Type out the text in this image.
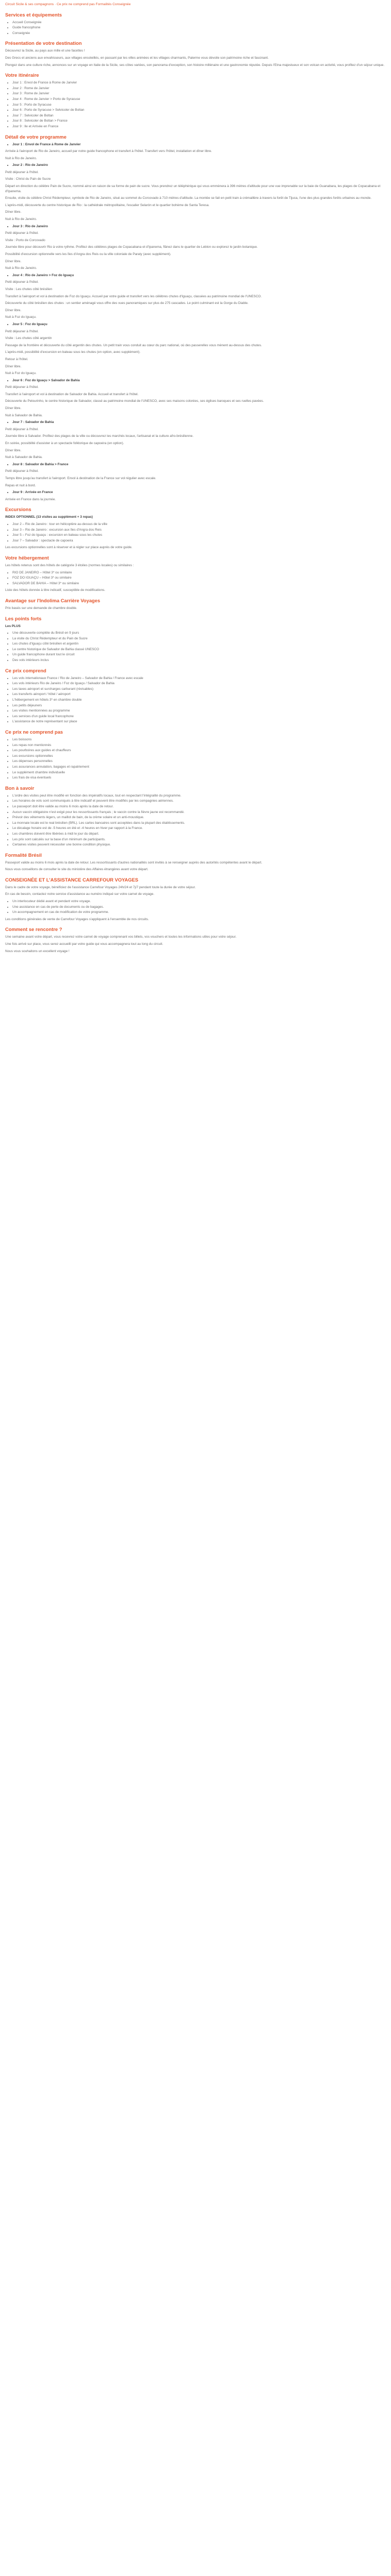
Circuit Sicile & ses compagnons · Ce prix ne comprend pas Formalités Conseignée

Services et équipements
• Accueil Conseignée
• Guide francophone
• Conseignée
Présentation de votre destination

Découvrez la Sicile, au pays aux mille et une facettes !

Des Grecs et anciens aux envahisseurs, aux villages ensoleillés, en passant par les villes animées et les villages charmants, Palerme vous dévoile son patrimoine riche et fascinant.

Plongez dans une culture riche, annonces sur un voyage en Italie de la Sicile, ses côtes variées, son panorama d'exception, son histoire millénaire et une gastronomie réputée. Depuis l'Etna majestueux et son volcan en activité, vous profitez d'un séjour unique.

Votre itinéraire
• Jour 1 : Envol de France à Rome de Janvier
• Jour 2 : Rome de Janvier
• Jour 3 : Rome de Janvier
• Jour 4 : Rome de Janvier > Porto de Syracuse
• Jour 5 : Porto de Syracuse
• Jour 6 : Porto de Syracuse > Selvicoler de Boltan
• Jour 7 : Selvicoler de Boltan
• Jour 8 : Selvicoler de Boltan > France
• Jour 9 : Ile et Arrivée en France
Détail de votre programme
• Jour 1 : Envol de France à Rome de Janvier

Arrivée à l'aéroport de Rio de Janeiro, accueil par notre guide francophone et transfert à l'hôtel. Transfert vers l'hôtel, installation et dîner libre.

Nuit à Rio de Janeiro.

• Jour 2 : Rio de Janeiro

Petit déjeuner à l'hôtel.

Visite : Christ du Pain de Sucre

Départ en direction du célèbre Pain de Sucre, nommé ainsi en raison de sa forme de pain de sucre. Vous prendrez un téléphérique qui vous emmènera à 396 mètres d'altitude pour une vue imprenable sur la baie de Guanabara, les plages de Copacabana et d'Ipanema.

Ensuite, visite du célèbre Christ Rédempteur, symbole de Rio de Janeiro, situé au sommet du Corcovado à 710 mètres d'altitude. La montée se fait en petit train à crémaillère à travers la forêt de Tijuca, l'une des plus grandes forêts urbaines au monde.

L'après-midi, découverte du centre historique de Rio : la cathédrale métropolitaine, l'escalier Selarón et le quartier bohème de Santa Teresa.

Dîner libre.

Nuit à Rio de Janeiro.

• Jour 3 : Rio de Janeiro

Petit déjeuner à l'hôtel.

Visite : Porto de Corcovado

Journée libre pour découvrir Rio à votre rythme. Profitez des célèbres plages de Copacabana et d'Ipanema, flânez dans le quartier de Leblon ou explorez le jardin botanique.

Possibilité d'excursion optionnelle vers les îles d'Angra dos Reis ou la ville coloniale de Paraty (avec supplément).

Dîner libre.

Nuit à Rio de Janeiro.

• Jour 4 : Rio de Janeiro > Foz do Iguaçu

Petit déjeuner à l'hôtel.

Visite : Les chutes côté brésilien

Transfert à l'aéroport et vol à destination de Foz do Iguaçu. Accueil par votre guide et transfert vers les célèbres chutes d'Iguaçu, classées au patrimoine mondial de l'UNESCO.

Découverte du côté brésilien des chutes : un sentier aménagé vous offre des vues panoramiques sur plus de 275 cascades. Le point culminant est la Gorge du Diable.

Dîner libre.

Nuit à Foz do Iguaçu.

• Jour 5 : Foz do Iguaçu

Petit déjeuner à l'hôtel.

Visite : Les chutes côté argentin

Passage de la frontière et découverte du côté argentin des chutes. Un petit train vous conduit au cœur du parc national, où des passerelles vous mènent au-dessus des chutes.

L'après-midi, possibilité d'excursion en bateau sous les chutes (en option, avec supplément).

Retour à l'hôtel.

Dîner libre.

Nuit à Foz do Iguaçu.

• Jour 6 : Foz do Iguaçu > Salvador de Bahia

Petit déjeuner à l'hôtel.

Transfert à l'aéroport et vol à destination de Salvador de Bahia. Accueil et transfert à l'hôtel.

Découverte du Pelourinho, le centre historique de Salvador, classé au patrimoine mondial de l'UNESCO, avec ses maisons colorées, ses églises baroques et ses ruelles pavées.

Dîner libre.

Nuit à Salvador de Bahia.

• Jour 7 : Salvador de Bahia

Petit déjeuner à l'hôtel.

Journée libre à Salvador. Profitez des plages de la ville ou découvrez les marchés locaux, l'artisanat et la culture afro-brésilienne.

En soirée, possibilité d'assister à un spectacle folklorique de capoeira (en option).

Dîner libre.

Nuit à Salvador de Bahia.

• Jour 8 : Salvador de Bahia > France

Petit déjeuner à l'hôtel.

Temps libre jusqu'au transfert à l'aéroport. Envol à destination de la France sur vol régulier avec escale.

Repas et nuit à bord.

• Jour 9 : Arrivée en France

Arrivée en France dans la journée.

Excursions

INDEX OPTIONNEL (13 visites au supplément + 3 repas)

• Jour 2 – Rio de Janeiro : tour en hélicoptère au-dessus de la ville
• Jour 3 – Rio de Janeiro : excursion aux îles d'Angra dos Reis
• Jour 5 – Foz do Iguaçu : excursion en bateau sous les chutes
• Jour 7 – Salvador : spectacle de capoeira

Les excursions optionnelles sont à réserver et à régler sur place auprès de votre guide.

Votre hébergement

Les hôtels retenus sont des hôtels de catégorie 3 étoiles (normes locales) ou similaires :

• RIO DE JANEIRO – Hôtel 3* ou similaire
• FOZ DO IGUAÇU – Hôtel 3* ou similaire
• SALVADOR DE BAHIA – Hôtel 3* ou similaire

Liste des hôtels donnée à titre indicatif, susceptible de modifications.

Avantage sur l'Indolima Carrière Voyages

Prix basés sur une demande de chambre double.

Les points forts

Les PLUS

• Une découverte complète du Brésil en 9 jours
• La visite du Christ Rédempteur et du Pain de Sucre
• Les chutes d'Iguaçu côté brésilien et argentin
• Le centre historique de Salvador de Bahia classé UNESCO
• Un guide francophone durant tout le circuit
• Des vols intérieurs inclus
Ce prix comprend
• Les vols internationaux France / Rio de Janeiro – Salvador de Bahia / France avec escale
• Les vols intérieurs Rio de Janeiro / Foz do Iguaçu / Salvador de Bahia
• Les taxes aéroport et surcharges carburant (révisables)
• Les transferts aéroport / hôtel / aéroport
• L'hébergement en hôtels 3* en chambre double
• Les petits déjeuners
• Les visites mentionnées au programme
• Les services d'un guide local francophone
• L'assistance de notre représentant sur place
Ce prix ne comprend pas
• Les boissons
• Les repas non mentionnés
• Les pourboires aux guides et chauffeurs
• Les excursions optionnelles
• Les dépenses personnelles
• Les assurances annulation, bagages et rapatriement
• Le supplément chambre individuelle
• Les frais de visa éventuels
Bon à savoir
• L'ordre des visites peut être modifié en fonction des impératifs locaux, tout en respectant l'intégralité du programme.
• Les horaires de vols sont communiqués à titre indicatif et peuvent être modifiés par les compagnies aériennes.
• Le passeport doit être valide au moins 6 mois après la date de retour.
• Aucun vaccin obligatoire n'est exigé pour les ressortissants français ; le vaccin contre la fièvre jaune est recommandé.
• Prévoir des vêtements légers, un maillot de bain, de la crème solaire et un anti-moustique.
• La monnaie locale est le real brésilien (BRL). Les cartes bancaires sont acceptées dans la plupart des établissements.
• Le décalage horaire est de -5 heures en été et -4 heures en hiver par rapport à la France.
• Les chambres doivent être libérées à midi le jour du départ.
• Les prix sont calculés sur la base d'un minimum de participants.
• Certaines visites peuvent nécessiter une bonne condition physique.
Formalité Brésil

Passeport valide au moins 6 mois après la date de retour. Les ressortissants d'autres nationalités sont invités à se renseigner auprès des autorités compétentes avant le départ.

Nous vous conseillons de consulter le site du ministère des Affaires étrangères avant votre départ.

CONSEIGNÉE ET L'ASSISTANCE CARREFOUR VOYAGES

Dans le cadre de votre voyage, bénéficiez de l'assistance Carrefour Voyages 24h/24 et 7j/7 pendant toute la durée de votre séjour.

En cas de besoin, contactez notre service d'assistance au numéro indiqué sur votre carnet de voyage.

• Un interlocuteur dédié avant et pendant votre voyage.
• Une assistance en cas de perte de documents ou de bagages.
• Un accompagnement en cas de modification de votre programme.

Les conditions générales de vente de Carrefour Voyages s'appliquent à l'ensemble de nos circuits.

Comment se rencontre ?

Une semaine avant votre départ, vous recevrez votre carnet de voyage comprenant vos billets, vos vouchers et toutes les informations utiles pour votre séjour.

Une fois arrivé sur place, vous serez accueilli par votre guide qui vous accompagnera tout au long du circuit.

Nous vous souhaitons un excellent voyage !
